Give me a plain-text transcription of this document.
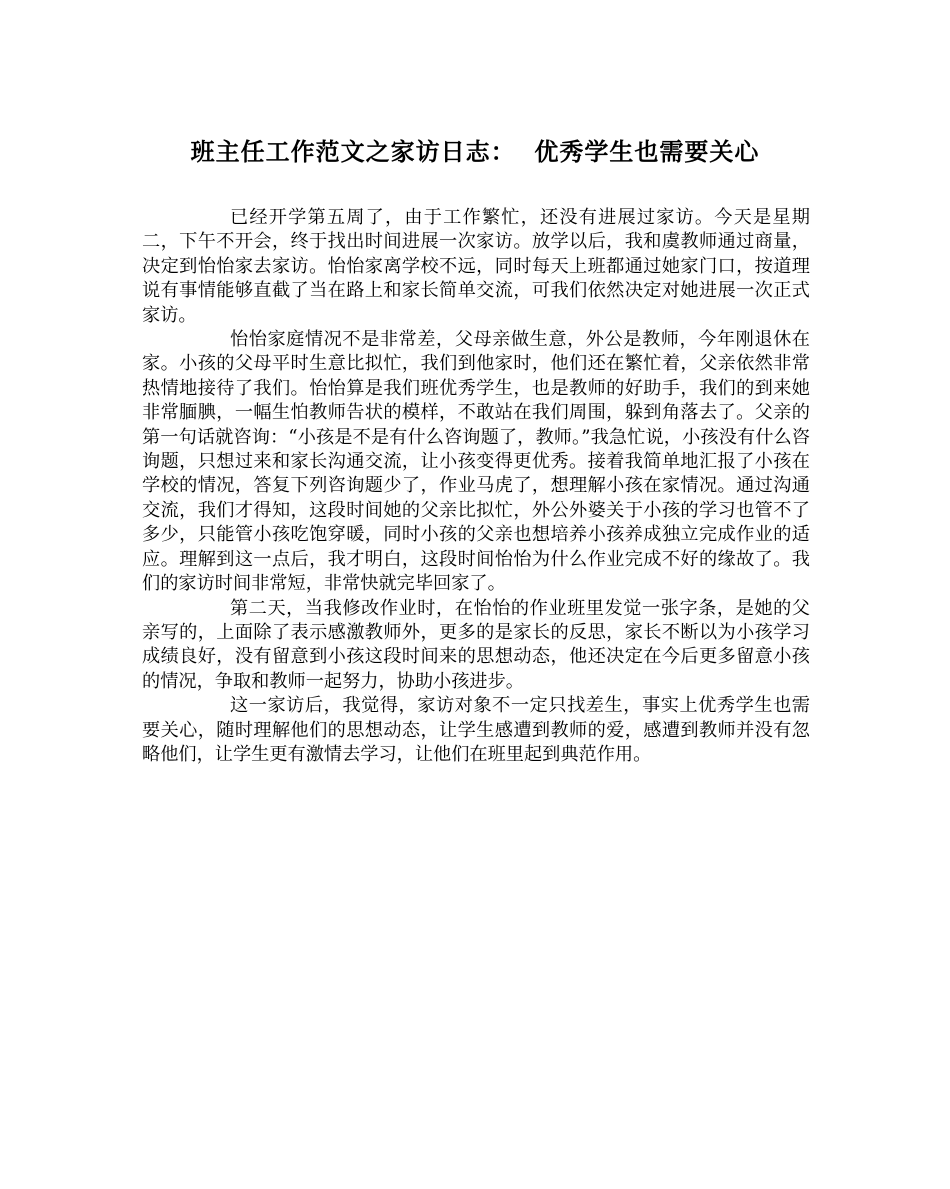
班主任工作范文之家访日志：  优秀学生也需要关心

已经开学第五周了，由于工作繁忙，还没有进展过家访。今天是星期二，下午不开会，终于找出时间进展一次家访。放学以后，我和虞教师通过商量，决定到怡怡家去家访。怡怡家离学校不远，同时每天上班都通过她家门口，按道理说有事情能够直截了当在路上和家长简单交流，可我们依然决定对她进展一次正式家访。

怡怡家庭情况不是非常差，父母亲做生意，外公是教师，今年刚退休在家。小孩的父母平时生意比拟忙，我们到他家时，他们还在繁忙着，父亲依然非常热情地接待了我们。怡怡算是我们班优秀学生，也是教师的好助手，我们的到来她非常腼腆，一幅生怕教师告状的模样，不敢站在我们周围，躲到角落去了。父亲的第一句话就咨询：“小孩是不是有什么咨询题了，教师。”我急忙说，小孩没有什么咨询题，只想过来和家长沟通交流，让小孩变得更优秀。接着我简单地汇报了小孩在学校的情况，答复下列咨询题少了，作业马虎了，想理解小孩在家情况。通过沟通交流，我们才得知，这段时间她的父亲比拟忙，外公外婆关于小孩的学习也管不了多少，只能管小孩吃饱穿暖，同时小孩的父亲也想培养小孩养成独立完成作业的适应。理解到这一点后，我才明白，这段时间怡怡为什么作业完成不好的缘故了。我们的家访时间非常短，非常快就完毕回家了。

第二天，当我修改作业时，在怡怡的作业班里发觉一张字条，是她的父亲写的，上面除了表示感激教师外，更多的是家长的反思，家长不断以为小孩学习成绩良好，没有留意到小孩这段时间来的思想动态，他还决定在今后更多留意小孩的情况，争取和教师一起努力，协助小孩进步。

这一家访后，我觉得，家访对象不一定只找差生，事实上优秀学生也需要关心，随时理解他们的思想动态，让学生感遭到教师的爱，感遭到教师并没有忽略他们，让学生更有激情去学习，让他们在班里起到典范作用。
